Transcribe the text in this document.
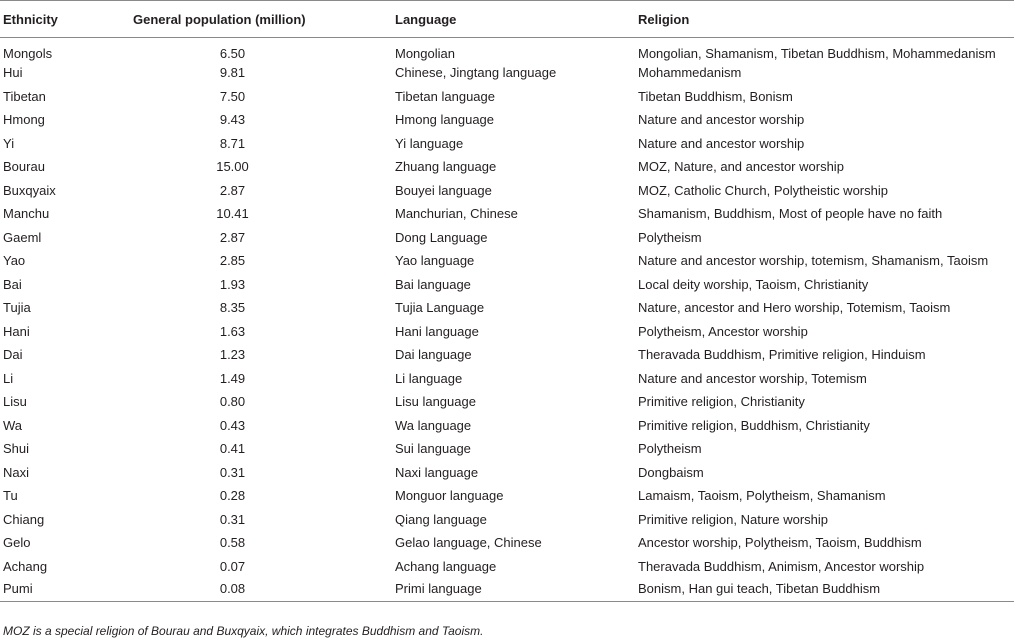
Ethnicity	General population (million)	Language	Religion
Mongols	6.50	Mongolian	Mongolian, Shamanism, Tibetan Buddhism, Mohammedanism
Hui	9.81	Chinese, Jingtang language	Mohammedanism
Tibetan	7.50	Tibetan language	Tibetan Buddhism, Bonism
Hmong	9.43	Hmong language	Nature and ancestor worship
Yi	8.71	Yi language	Nature and ancestor worship
Bourau	15.00	Zhuang language	MOZ, Nature, and ancestor worship
Buxqyaix	2.87	Bouyei language	MOZ, Catholic Church, Polytheistic worship
Manchu	10.41	Manchurian, Chinese	Shamanism, Buddhism, Most of people have no faith
Gaeml	2.87	Dong Language	Polytheism
Yao	2.85	Yao language	Nature and ancestor worship, totemism, Shamanism, Taoism
Bai	1.93	Bai language	Local deity worship, Taoism, Christianity
Tujia	8.35	Tujia Language	Nature, ancestor and Hero worship, Totemism, Taoism
Hani	1.63	Hani language	Polytheism, Ancestor worship
Dai	1.23	Dai language	Theravada Buddhism, Primitive religion, Hinduism
Li	1.49	Li language	Nature and ancestor worship, Totemism
Lisu	0.80	Lisu language	Primitive religion, Christianity
Wa	0.43	Wa language	Primitive religion, Buddhism, Christianity
Shui	0.41	Sui language	Polytheism
Naxi	0.31	Naxi language	Dongbaism
Tu	0.28	Monguor language	Lamaism, Taoism, Polytheism, Shamanism
Chiang	0.31	Qiang language	Primitive religion, Nature worship
Gelo	0.58	Gelao language, Chinese	Ancestor worship, Polytheism, Taoism, Buddhism
Achang	0.07	Achang language	Theravada Buddhism, Animism, Ancestor worship
Pumi	0.08	Primi language	Bonism, Han gui teach, Tibetan Buddhism
MOZ is a special religion of Bourau and Buxqyaix, which integrates Buddhism and Taoism.
